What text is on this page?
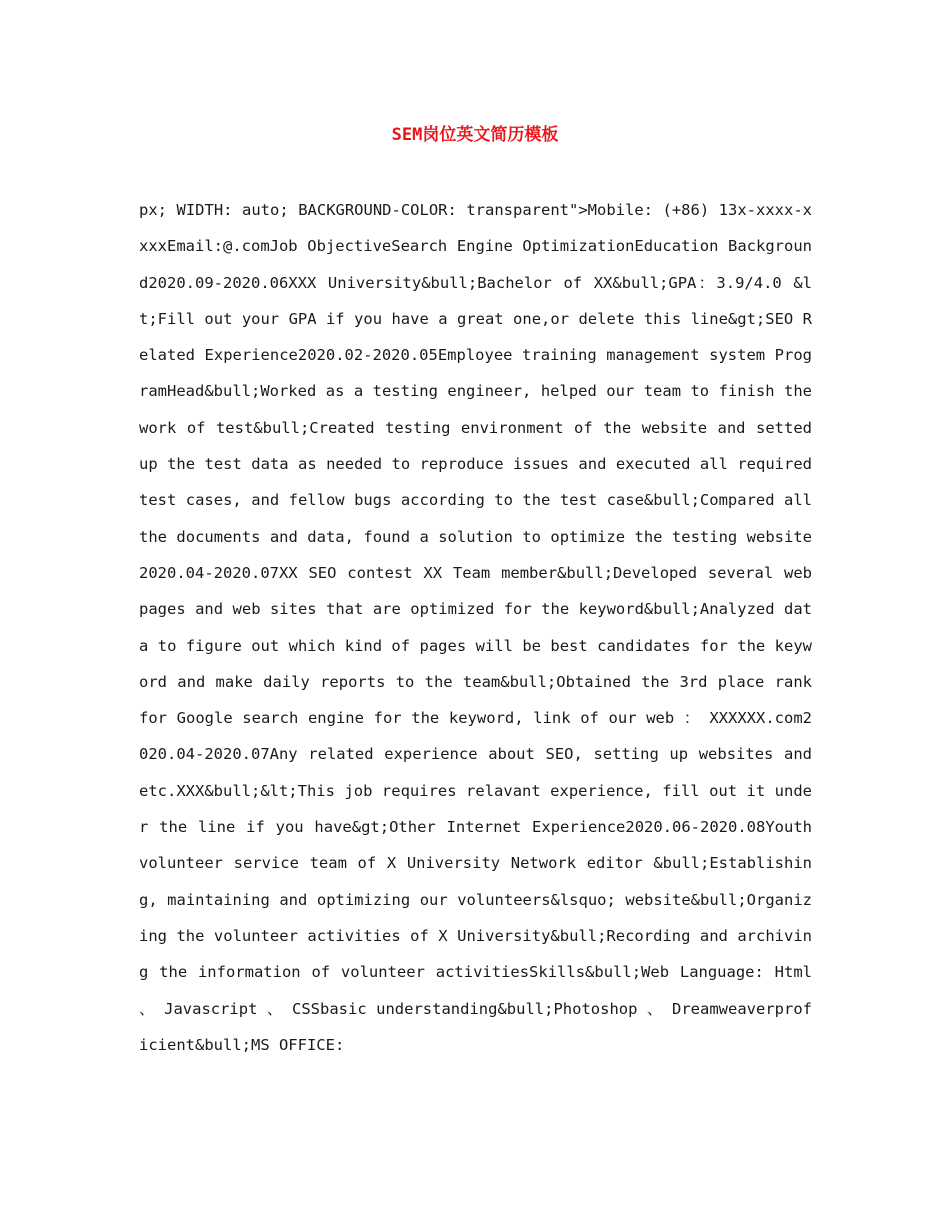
SEM岗位英文简历模板

px; WIDTH: auto; BACKGROUND-COLOR: transparent">Mobile: (+86) 13x-xxxx-xxxxEmail:@.comJob ObjectiveSearch Engine OptimizationEducation Background2020.09-2020.06XXX University&bull;Bachelor of XX&bull;GPA：3.9/4.0 &lt;Fill out your GPA if you have a great one,or delete this line&gt;SEO Related Experience2020.02-2020.05Employee training management system ProgramHead&bull;Worked as a testing engineer, helped our team to finish the work of test&bull;Created testing environment of the website and setted up the test data as needed to reproduce issues and executed all required test cases, and fellow bugs according to the test case&bull;Compared all the documents and data, found a solution to optimize the testing website2020.04-2020.07XX SEO contest XX Team member&bull;Developed several web pages and web sites that are optimized for the keyword&bull;Analyzed data to figure out which kind of pages will be best candidates for the keyword and make daily reports to the team&bull;Obtained the 3rd place rank for Google search engine for the keyword, link of our web ： XXXXXX.com2020.04-2020.07Any related experience about SEO, setting up websites and etc.XXX&bull;&lt;This job requires relavant experience, fill out it under the line if you have&gt;Other Internet Experience2020.06-2020.08Youth volunteer service team of X University Network editor &bull;Establishing, maintaining and optimizing our volunteers&lsquo; website&bull;Organizing the volunteer activities of X University&bull;Recording and archiving the information of volunteer activitiesSkills&bull;Web Language: Html 、 Javascript 、 CSSbasic understanding&bull;Photoshop 、 Dreamweaverproficient&bull;MS OFFICE:
